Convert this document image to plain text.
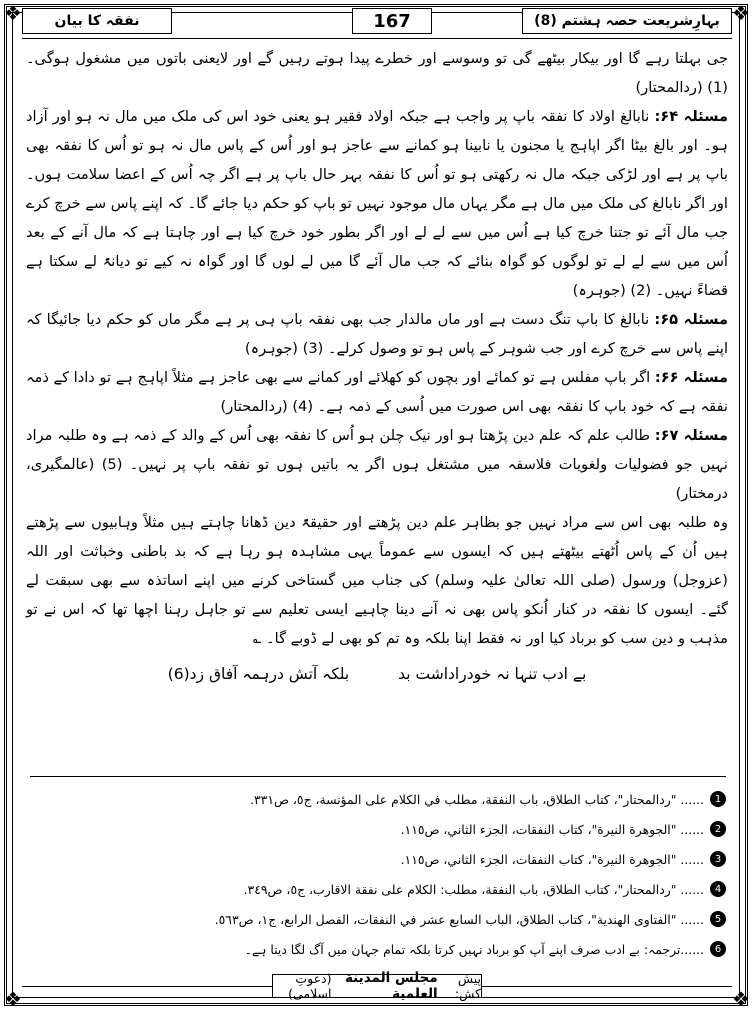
❖	❖
❖	❖
بہارِشریعت حصہ ہشتم (8)
167
نفقہ کا بیان

جی بہلتا رہے گا اور بیکار بیٹھے گی تو وسوسے اور خطرے پیدا ہوتے رہیں گے اور لایعنی باتوں میں مشغول ہوگی۔ (1) (ردالمحتار)

مسئلہ ۶۴: نابالغ اولاد کا نفقہ باپ پر واجب ہے جبکہ اولاد فقیر ہو یعنی خود اس کی ملک میں مال نہ ہو اور آزاد ہو۔ اور بالغ بیٹا اگر اپاہج یا مجنون یا نابینا ہو کمانے سے عاجز ہو اور اُس کے پاس مال نہ ہو تو اُس کا نفقہ بھی باپ پر ہے اور لڑکی جبکہ مال نہ رکھتی ہو تو اُس کا نفقہ بہر حال باپ پر ہے اگر چہ اُس کے اعضا سلامت ہوں۔ اور اگر نابالغ کی ملک میں مال ہے مگر یہاں مال موجود نہیں تو باپ کو حکم دیا جائے گا۔ کہ اپنے پاس سے خرچ کرے جب مال آئے تو جتنا خرچ کیا ہے اُس میں سے لے لے اور اگر بطور خود خرچ کیا ہے اور چاہتا ہے کہ مال آنے کے بعد اُس میں سے لے لے تو لوگوں کو گواہ بنائے کہ جب مال آئے گا میں لے لوں گا اور گواہ نہ کیے تو دیانۃً لے سکتا ہے قضاءً نہیں۔ (2) (جوہرہ)

مسئلہ ۶۵: نابالغ کا باپ تنگ دست ہے اور ماں مالدار جب بھی نفقہ باپ ہی پر ہے مگر ماں کو حکم دیا جائیگا کہ اپنے پاس سے خرچ کرے اور جب شوہر کے پاس ہو تو وصول کرلے۔ (3) (جوہرہ)

مسئلہ ۶۶: اگر باپ مفلس ہے تو کمائے اور بچوں کو کھلائے اور کمانے سے بھی عاجز ہے مثلاً اپاہج ہے تو دادا کے ذمہ نفقہ ہے کہ خود باپ کا نفقہ بھی اس صورت میں اُسی کے ذمہ ہے۔ (4) (ردالمحتار)

مسئلہ ۶۷: طالب علم کہ علم دین پڑھتا ہو اور نیک چلن ہو اُس کا نفقہ بھی اُس کے والد کے ذمہ ہے وہ طلبہ مراد نہیں جو فضولیات ولغویات فلاسفہ میں مشتغل ہوں اگر یہ باتیں ہوں تو نفقہ باپ پر نہیں۔ (5) (عالمگیری، درمختار)

وہ طلبہ بھی اس سے مراد نہیں جو بظاہر علم دین پڑھتے اور حقیقۃً دین ڈھانا چاہتے ہیں مثلاً وہابیوں سے پڑھتے ہیں اُن کے پاس اُٹھتے بیٹھتے ہیں کہ ایسوں سے عموماً یہی مشاہدہ ہو رہا ہے کہ بد باطنی وخباثت اور اللہ (عزوجل) ورسول (صلی اللہ تعالیٰ علیہ وسلم) کی جناب میں گستاخی کرنے میں اپنے اساتذہ سے بھی سبقت لے گئے۔ ایسوں کا نفقہ در کنار اُنکو پاس بھی نہ آنے دینا چاہیے ایسی تعلیم سے تو جاہل رہنا اچھا تھا کہ اس نے تو مذہب و دین سب کو برباد کیا اور نہ فقط اپنا بلکہ وہ تم کو بھی لے ڈوبے گا۔ ؎

بے ادب تنہا نہ خودراداشت بد بلکہ آتش درہمہ آفاق زد(6)
1
...... "ردالمحتار"، كتاب الطلاق، باب النفقة، مطلب في الكلام على المؤنسة، ج٥، ص٣٣١.
2
...... "الجوهرة النيرة"، كتاب النفقات، الجزء الثاني، ص١١٥.
3
...... "الجوهرة النيرة"، كتاب النفقات، الجزء الثاني، ص١١٥.
4
...... "ردالمحتار"، كتاب الطلاق، باب النفقة، مطلب: الكلام على نفقة الاقارب، ج٥، ص٣٤٩.
5
...... "الفتاوى الهندية"، كتاب الطلاق، الباب السابع عشر في النفقات، الفصل الرابع، ج١، ص٥٦٣.
6
......ترجمہ: بے ادب صرف اپنے آپ کو برباد نہیں کرتا بلکہ تمام جہان میں آگ لگا دیتا ہے۔
پیش کش:
مجلس المدينة العلمية
(دعوتِ اسلامی)
